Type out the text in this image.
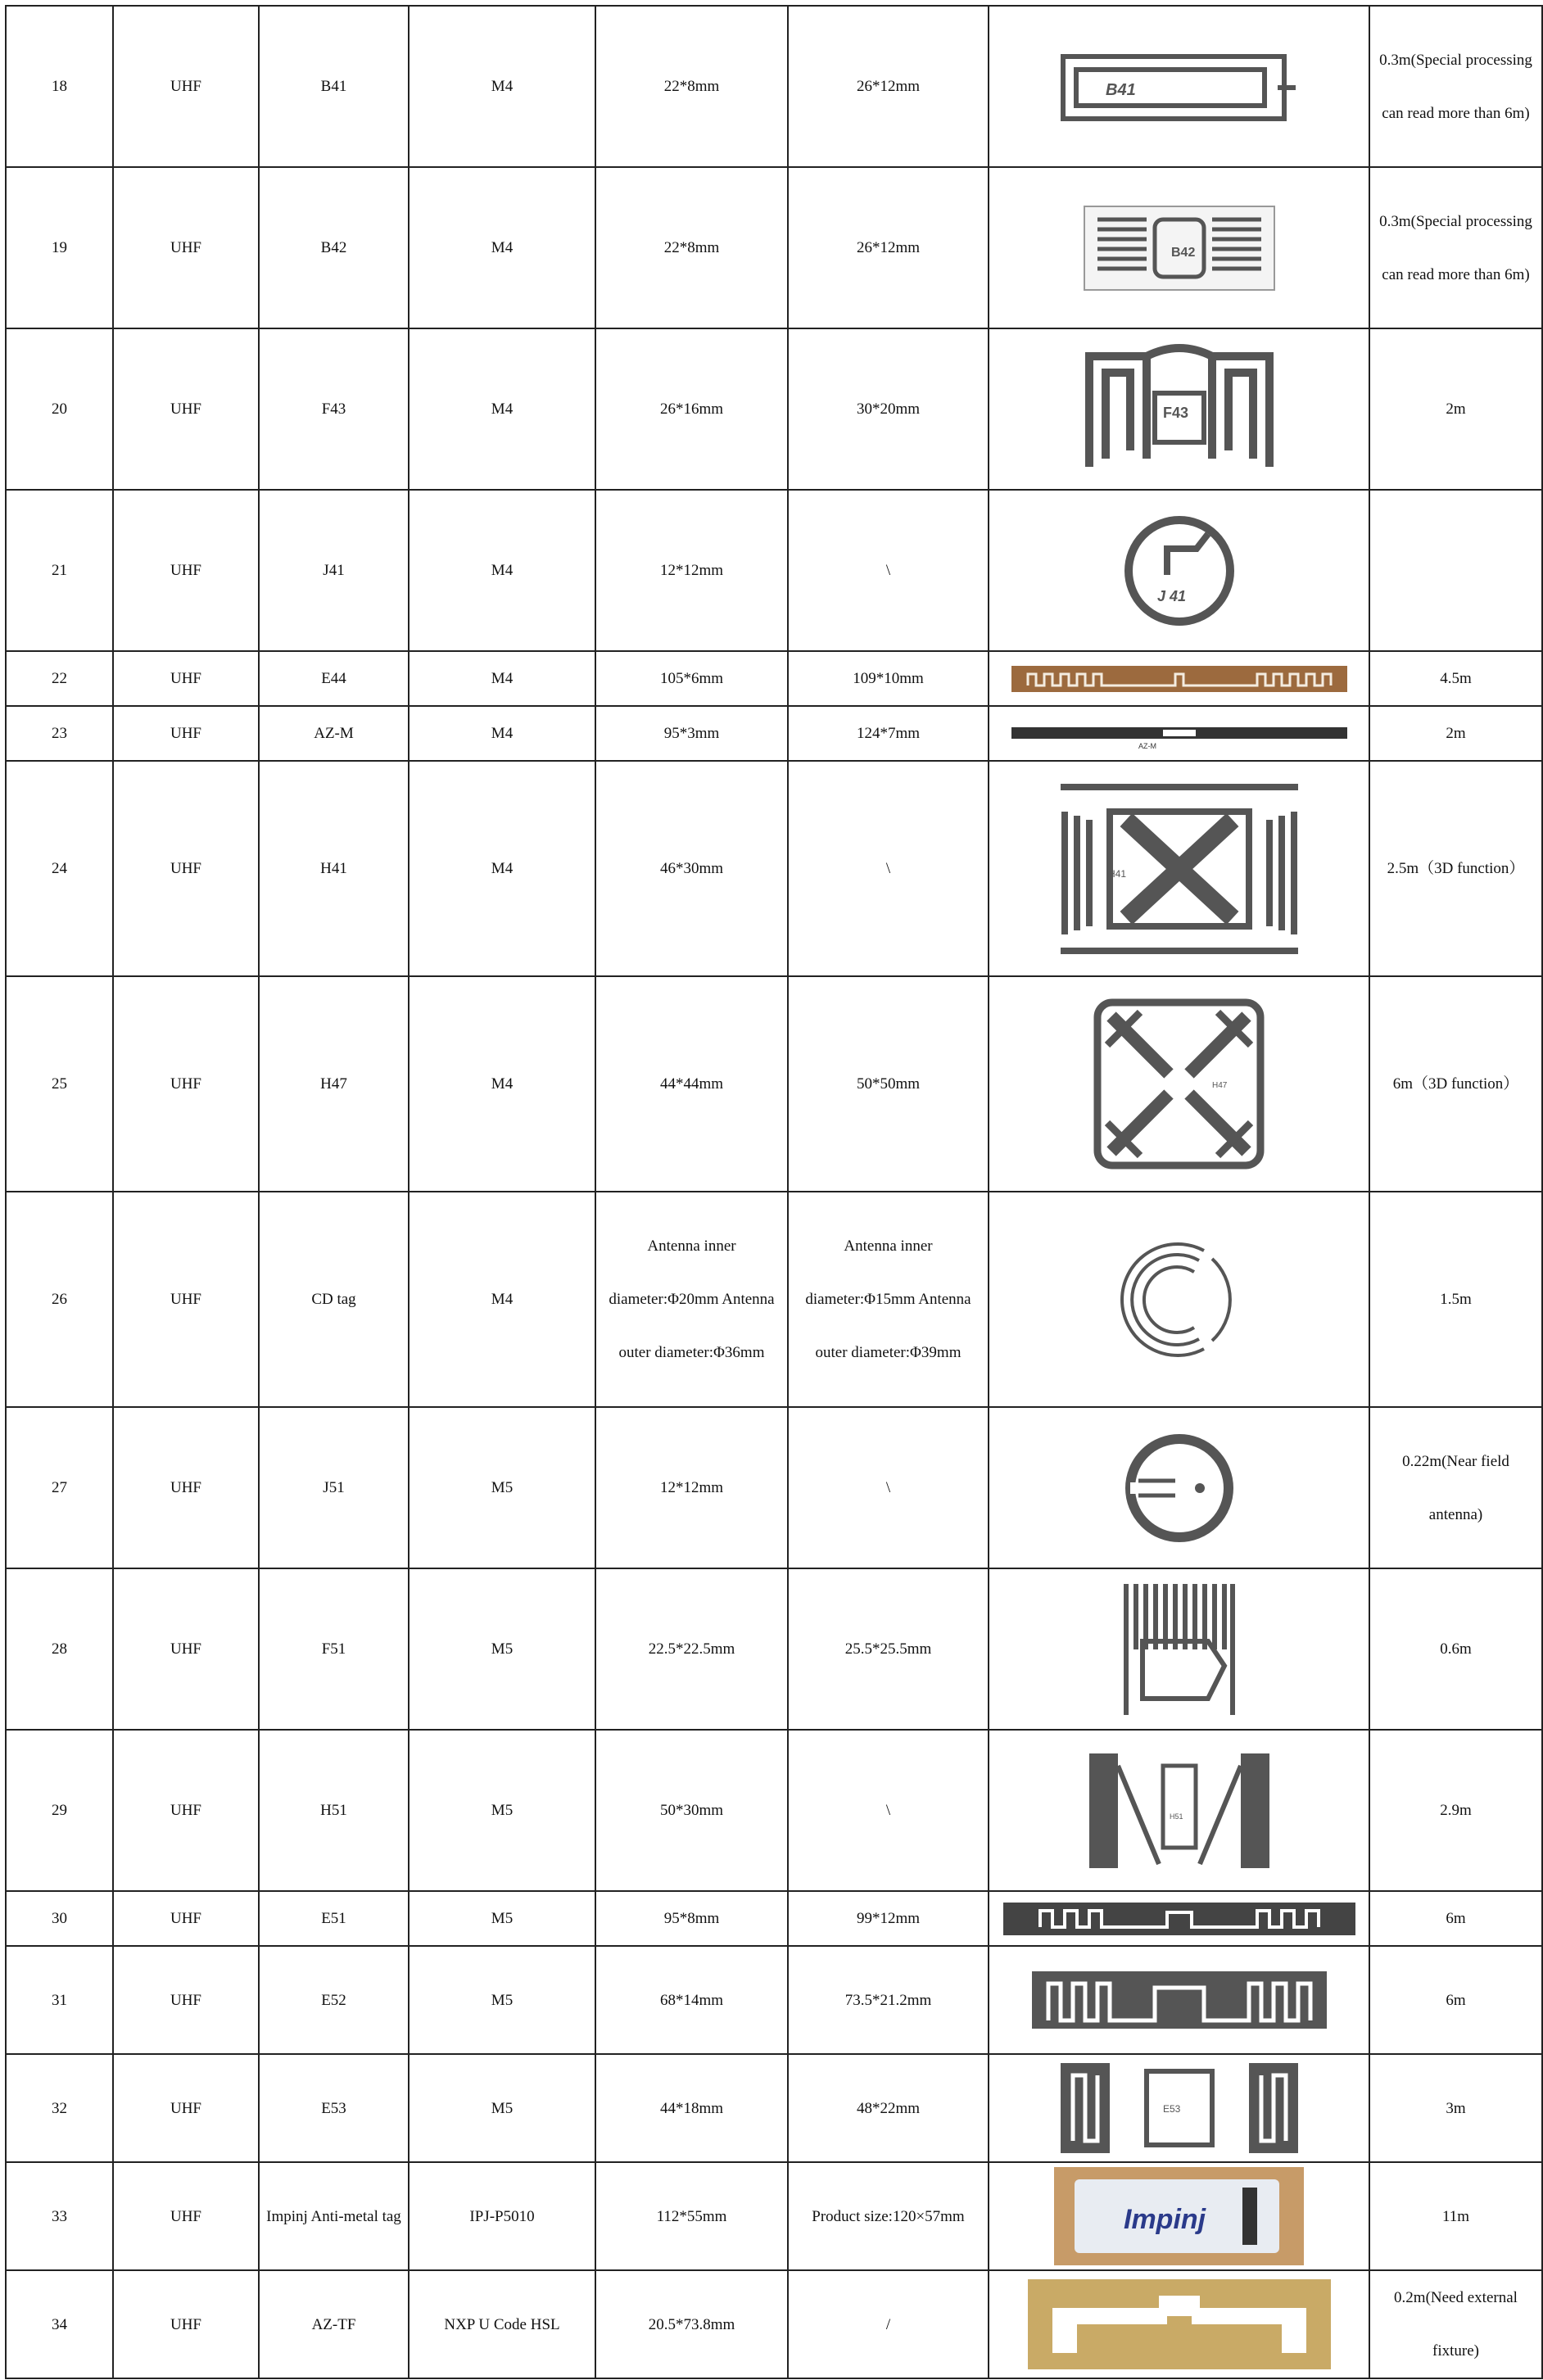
18	UHF	B41	M4	22*8mm	26*12mm	B41	0.3m(Special processing can read more than 6m)
19	UHF	B42	M4	22*8mm	26*12mm	B42	0.3m(Special processing can read more than 6m)
20	UHF	F43	M4	26*16mm	30*20mm	F43	2m
21	UHF	J41	M4	12*12mm	\	J 41	

22	UHF	E44	M4	105*6mm	109*10mm		4.5m
23	UHF	AZ-M	M4	95*3mm	124*7mm	AZ-M	2m
24	UHF	H41	M4	46*30mm	\	H41	2.5m（3D function）
25	UHF	H47	M4	44*44mm	50*50mm	H47	6m（3D function）
26	UHF	CD tag	M4	Antenna inner diameter:Φ20mm Antenna outer diameter:Φ36mm	Antenna inner diameter:Φ15mm Antenna outer diameter:Φ39mm		1.5m
27	UHF	J51	M5	12*12mm	\		0.22m(Near field antenna)
28	UHF	F51	M5	22.5*22.5mm	25.5*25.5mm		0.6m
29	UHF	H51	M5	50*30mm	\	H51	2.9m
30	UHF	E51	M5	95*8mm	99*12mm		6m
31	UHF	E52	M5	68*14mm	73.5*21.2mm		6m
32	UHF	E53	M5	44*18mm	48*22mm	E53	3m
33	UHF	Impinj Anti-metal tag	IPJ-P5010	112*55mm	Product size:120×57mm	Impinj	11m
34	UHF	AZ-TF	NXP U Code HSL	20.5*73.8mm	/		0.2m(Need external fixture)
